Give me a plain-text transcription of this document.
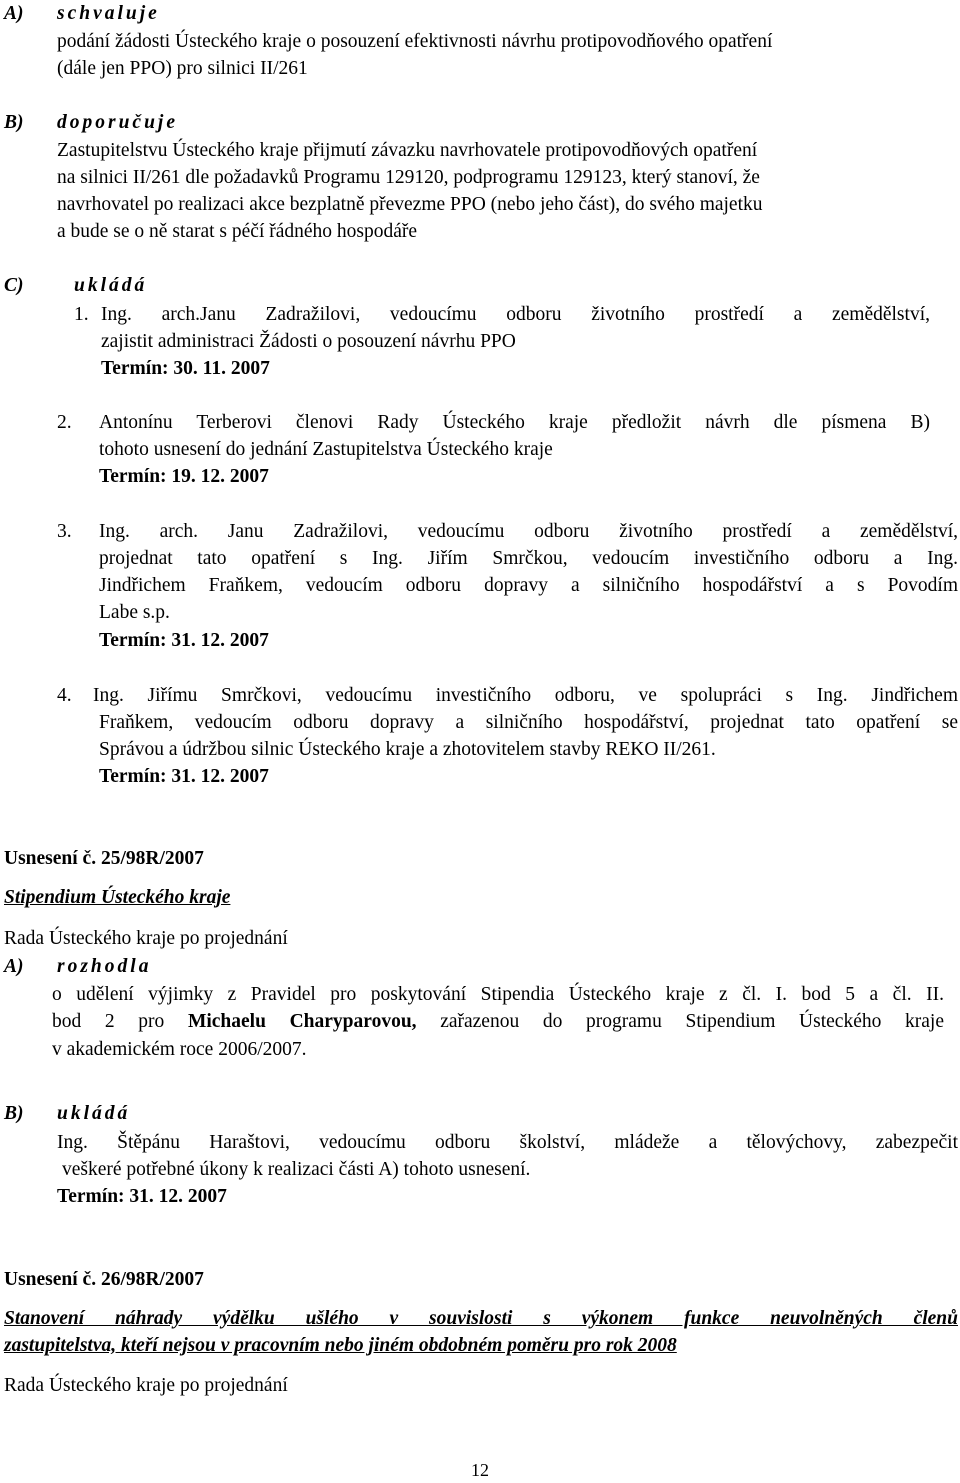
A) schvaluje
podání žádosti Ústeckého kraje o posouzení efektivnosti návrhu protipovodňového opatření
(dále jen PPO) pro silnici II/261
B) doporučuje
Zastupitelstvu Ústeckého kraje přijmutí závazku navrhovatele protipovodňových opatření
na silnici II/261 dle požadavků Programu 129120, podprogramu 129123, který stanoví, že
navrhovatel po realizaci akce bezplatně převezme PPO (nebo jeho část), do svého majetku
a bude se o ně starat s péčí řádného hospodáře
C)	ukládá
1. Ing. arch.Janu Zadražilovi, vedoucímu odboru životního prostředí a zemědělství,
zajistit administraci Žádosti o posouzení návrhu PPO
Termín: 30. 11. 2007
2. Antonínu Terberovi členovi Rady Ústeckého kraje předložit návrh dle písmena B)
tohoto usnesení do jednání Zastupitelstva Ústeckého kraje
Termín: 19. 12. 2007
3. Ing. arch. Janu Zadražilovi, vedoucímu odboru životního prostředí a zemědělství,
projednat tato opatření s Ing. Jiřím Smrčkou, vedoucím investičního odboru a Ing.
Jindřichem Fraňkem, vedoucím odboru dopravy a silničního hospodářství a s Povodím
Labe s.p.
Termín: 31. 12. 2007
4. Ing. Jiřímu Smrčkovi, vedoucímu investičního odboru, ve spolupráci s Ing. Jindřichem
Fraňkem, vedoucím odboru dopravy a silničního hospodářství, projednat tato opatření se
Správou a údržbou silnic Ústeckého kraje a zhotovitelem stavby REKO II/261.
Termín: 31. 12. 2007
Usnesení č. 25/98R/2007
Stipendium Ústeckého kraje
Rada Ústeckého kraje po projednání
A) rozhodla
o udělení výjimky z Pravidel pro poskytování Stipendia Ústeckého kraje z čl. I. bod 5 a čl. II.
bod 2 pro Michaelu Charyparovou, zařazenou do programu Stipendium Ústeckého kraje
v akademickém roce 2006/2007.
B) ukládá
Ing. Štěpánu Haraštovi, vedoucímu odboru školství, mládeže a tělovýchovy, zabezpečit
veškeré potřebné úkony k realizaci části A) tohoto usnesení.
Termín: 31. 12. 2007
Usnesení č. 26/98R/2007
Stanovení náhrady výdělku ušlého v souvislosti s výkonem funkce neuvolněných členů
zastupitelstva, kteří nejsou v pracovním nebo jiném obdobném poměru pro rok 2008
Rada Ústeckého kraje po projednání
12
